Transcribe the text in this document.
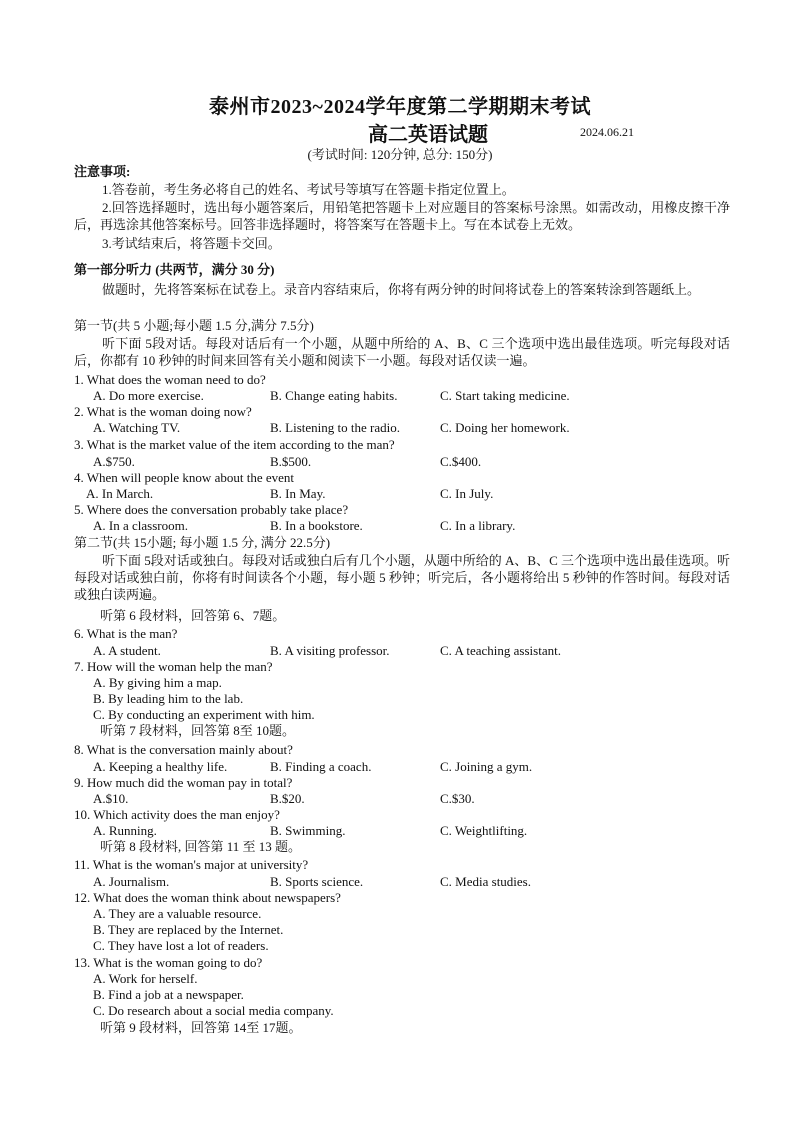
泰州市2023~2024学年度第二学期期末考试
高二英语试题	2024.06.21
(考试时间: 120分钟, 总分: 150分)
注意事项:
1.答卷前，考生务必将自己的姓名、考试号等填写在答题卡指定位置上。
2.回答选择题时，选出每小题答案后，用铅笔把答题卡上对应题目的答案标号涂黑。如需改动，用橡皮擦干净后，再选涂其他答案标号。回答非选择题时，将答案写在答题卡上。写在本试卷上无效。
3.考试结束后，将答题卡交回。
第一部分听力 (共两节，满分 30 分)
做题时，先将答案标在试卷上。录音内容结束后，你将有两分钟的时间将试卷上的答案转涂到答题纸上。
第一节(共 5 小题;每小题 1.5 分,满分 7.5分)
听下面 5段对话。每段对话后有一个小题，从题中所给的 A、B、C 三个选项中选出最佳选项。听完每段对话后，你都有 10 秒钟的时间来回答有关小题和阅读下一小题。每段对话仅读一遍。
1. What does the woman need to do?
A. Do more exercise.	B. Change eating habits.	C. Start taking medicine.
2. What is the woman doing now?
A. Watching TV.	B. Listening to the radio.	C. Doing her homework.
3. What is the market value of the item according to the man?
A.$750.	B.$500.	C.$400.
4. When will people know about the event
A. In March.	B. In May.	C. In July.
5. Where does the conversation probably take place?
A. In a classroom.	B. In a bookstore.	C. In a library.
第二节(共 15小题; 每小题 1.5 分, 满分 22.5分)
听下面 5段对话或独白。每段对话或独白后有几个小题，从题中所给的 A、B、C 三个选项中选出最佳选项。听每段对话或独白前，你将有时间读各个小题，每小题 5 秒钟；听完后，各小题将给出 5 秒钟的作答时间。每段对话或独白读两遍。
听第 6 段材料，回答第 6、7题。
6. What is the man?
A. A student.	B. A visiting professor.	C. A teaching assistant.
7. How will the woman help the man?
A. By giving him a map.
B. By leading him to the lab.
C. By conducting an experiment with him.
听第 7 段材料，回答第 8至 10题。
8. What is the conversation mainly about?
A. Keeping a healthy life.	B. Finding a coach.	C. Joining a gym.
9. How much did the woman pay in total?
A.$10.	B.$20.	C.$30.
10. Which activity does the man enjoy?
A. Running.	B. Swimming.	C. Weightlifting.
听第 8 段材料, 回答第 11 至 13 题。
11. What is the woman's major at university?
A. Journalism.	B. Sports science.	C. Media studies.
12. What does the woman think about newspapers?
A. They are a valuable resource.
B. They are replaced by the Internet.
C. They have lost a lot of readers.
13. What is the woman going to do?
A. Work for herself.
B. Find a job at a newspaper.
C. Do research about a social media company.
听第 9 段材料，回答第 14至 17题。
